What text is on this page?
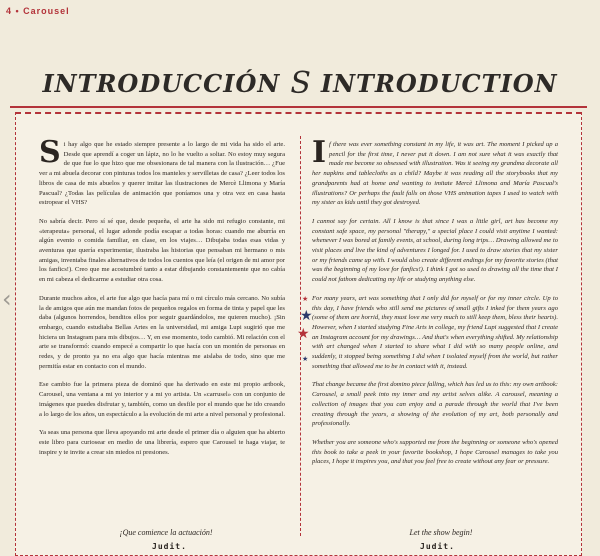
4 • Carousel
INTRODUCCIÓN S INTRODUCTION
‹

Si hay algo que he estado siempre presente a lo largo de mi vida ha sido el arte. Desde que aprendí a coger un lápiz, no lo he vuelto a soltar. No estoy muy segura de que fue lo que hizo que me obsesionara de tal manera con la ilustración… ¿Fue ver a mi abuela decorar con pinturas todos los manteles y servilletas de casa? ¿Leer todos los libros de casa de mis abuelos y querer imitar las ilustraciones de Mercè Llimona y María Pascual? ¿Todas las películas de animación que poníamos una y otra vez en casa hasta estropear el VHS?

No sabría decir. Pero sí sé que, desde pequeña, el arte ha sido mi refugio constante, mi «terapeuta» personal, el lugar adonde podía escapar a todas horas: cuando me aburría en algún evento o comida familiar, en clase, en los viajes… Dibujaba todas esas vidas y aventuras que quería experimentar, ilustraba las historias que pensaban mi hermano o mis amigas, inventaba finales alternativos de todos los cuentos que leía (el origen de mi amor por los fanfics!). Creo que me acostumbré tanto a estar dibujando constantemente que no cabía en mi cabeza el dedicarme a estudiar otra cosa.

Durante muchos años, el arte fue algo que hacía para mí o mi círculo más cercano. No subía la de amigos que aún me mandan fotos de pequeños regalos en forma de tinta y papel que les daba (algunos horrendos, benditos ellos por seguir guardándolos, me quieren mucho). ¡Sin embargo, cuando estudiaba Bellas Artes en la universidad, mi amiga Lupi sugirió que me hiciera un Instagram para mis dibujos… Y, en ese momento, todo cambió. Mi relación con el arte se transformó: cuando empecé a compartir lo que hacía con un montón de personas en redes, y de pronto ya no era algo que hacía mientras me aislaba de todo, sino que me permitía estar en contacto con el mundo.

Ese cambio fue la primera pieza de dominó que ha derivado en este mi propio artbook, Carousel, una ventana a mi yo interior y a mi yo artista. Un «carrusel» con un conjunto de imágenes que puedes disfrutar y, también, como un desfile por el mundo que he ido creando a lo largo de los años, un espectáculo a la evolución de mi arte a nivel personal y profesional.

Ya seas una persona que lleva apoyando mi arte desde el primer día o alguien que ha abierto este libro para curiosear en medio de una librería, espero que Carousel te haga viajar, te inspire y te invite a crear sin miedos ni presiones.

★
★
★
★

If there was ever something constant in my life, it was art. The moment I picked up a pencil for the first time, I never put it down. I am not sure what it was exactly that made me become so obsessed with illustration. Was it seeing my grandma decorate all her napkins and tablecloths as a child? Maybe it was reading all the storybooks that my grandparents had at home and wanting to imitate Mercè Llimona and María Pascual's illustrations? Or perhaps the fault falls on those VHS animation tapes I used to watch with my sister as kids until they got destroyed.

I cannot say for certain. All I know is that since I was a little girl, art has become my constant safe space, my personal "therapy," a special place I could visit anytime I wanted: whenever I was bored at family events, at school, during long trips… Drawing allowed me to visit places and live the kind of adventures I longed for. I used to draw stories that my sister or my friends came up with. I would also create different endings for my favorite stories (that was the beginning of my love for fanfics!). I think I got so used to drawing all the time that I could not fathom dedicating my life or studying anything else.

For many years, art was something that I only did for myself or for my inner circle. Up to this day, I have friends who still send me pictures of small gifts I inked for them years ago (some of them are horrid, they must love me very much to still keep them, bless their hearts). However, when I started studying Fine Arts in college, my friend Lupi suggested that I create an Instagram account for my drawings… And that's when everything shifted. My relationship with art changed when I started to share what I did with so many people online, and suddenly, it stopped being something I did when I isolated myself from the world, but rather something that allowed me to be in contact with it, instead.

That change became the first domino piece falling, which has led us to this: my own artbook: Carousel, a small peek into my inner and my artist selves alike. A carousel, meaning a collection of images that you can enjoy and a parade through the world that I've been creating through the years, a showing of the evolution of my art, both personally and professionally.

Whether you are someone who's supported me from the beginning or someone who's opened this book to take a peek in your favorite bookshop, I hope Carousel manages to take you places, I hope it inspires you, and that you feel free to create without any fear or pressure.

¡Que comience la actuación!
Judit.
Let the show begin!
Judit.
